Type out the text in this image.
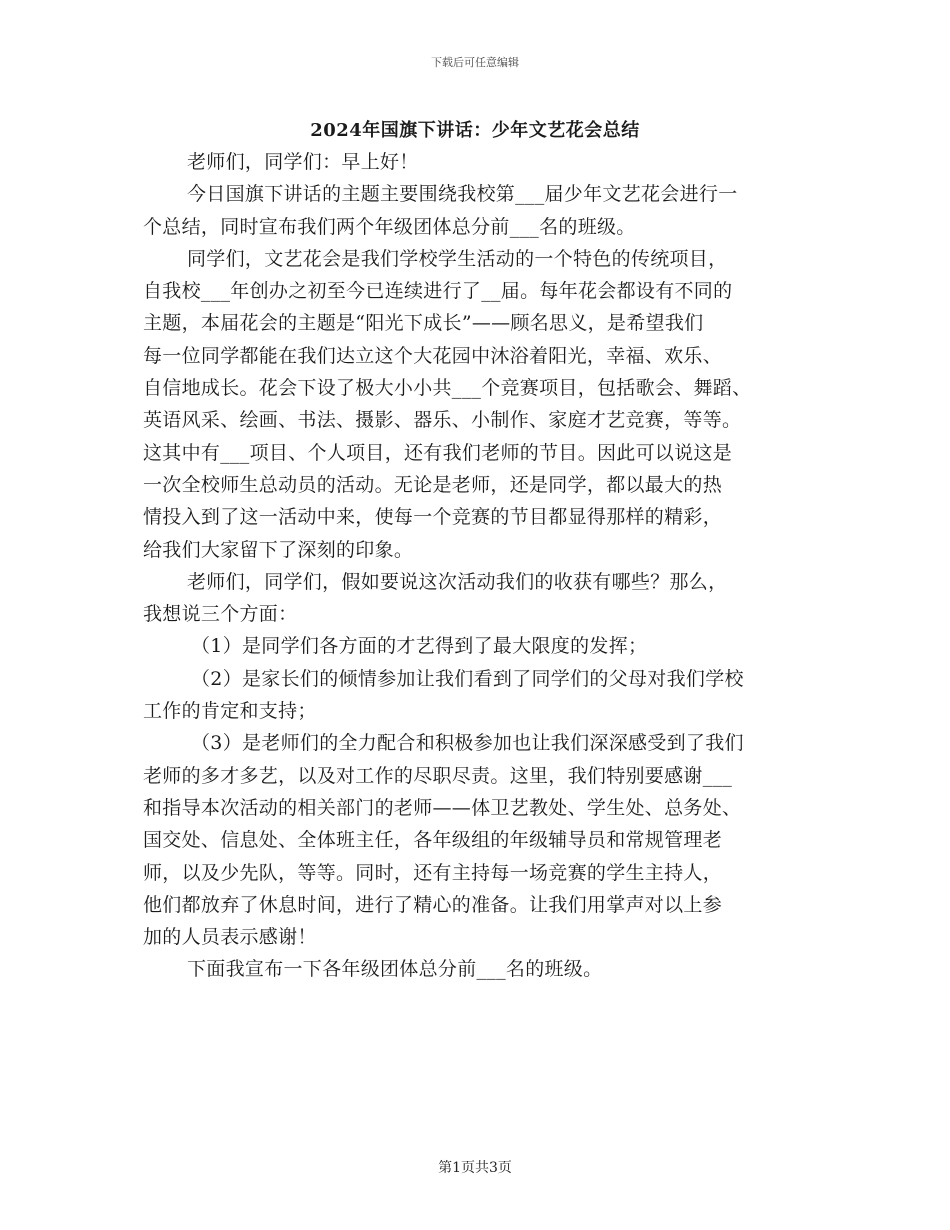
下载后可任意编辑
2024年国旗下讲话：少年文艺花会总结
老师们，同学们：早上好！
今日国旗下讲话的主题主要围绕我校第___届少年文艺花会进行一
个总结，同时宣布我们两个年级团体总分前___名的班级。
同学们，文艺花会是我们学校学生活动的一个特色的传统项目，
自我校___年创办之初至今已连续进行了__届。每年花会都设有不同的
主题，本届花会的主题是“阳光下成长”——顾名思义，是希望我们
每一位同学都能在我们达立这个大花园中沐浴着阳光，幸福、欢乐、
自信地成长。花会下设了极大小小共___个竞赛项目，包括歌会、舞蹈、
英语风采、绘画、书法、摄影、器乐、小制作、家庭才艺竞赛，等等。
这其中有___项目、个人项目，还有我们老师的节目。因此可以说这是
一次全校师生总动员的活动。无论是老师，还是同学，都以最大的热
情投入到了这一活动中来，使每一个竞赛的节目都显得那样的精彩，
给我们大家留下了深刻的印象。
老师们，同学们，假如要说这次活动我们的收获有哪些？那么，
我想说三个方面：
（1）是同学们各方面的才艺得到了最大限度的发挥；
（2）是家长们的倾情参加让我们看到了同学们的父母对我们学校
工作的肯定和支持；
（3）是老师们的全力配合和积极参加也让我们深深感受到了我们
老师的多才多艺，以及对工作的尽职尽责。这里，我们特别要感谢___
和指导本次活动的相关部门的老师——体卫艺教处、学生处、总务处、
国交处、信息处、全体班主任，各年级组的年级辅导员和常规管理老
师，以及少先队，等等。同时，还有主持每一场竞赛的学生主持人，
他们都放弃了休息时间，进行了精心的准备。让我们用掌声对以上参
加的人员表示感谢！
下面我宣布一下各年级团体总分前___名的班级。
第1页共3页
